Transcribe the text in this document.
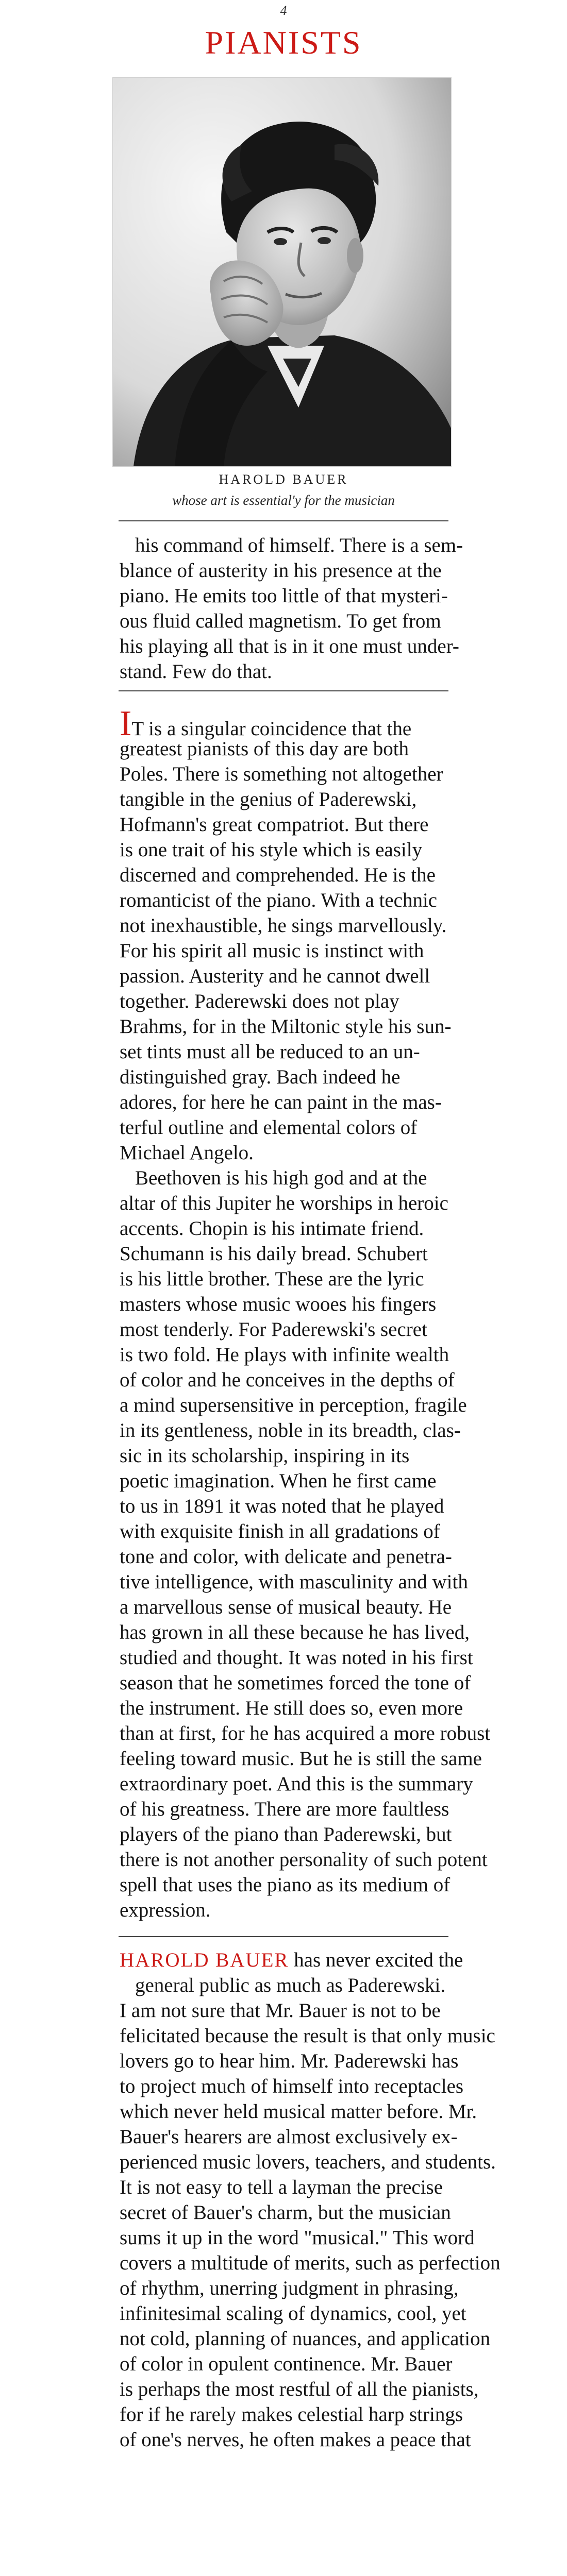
4
PIANISTS
HAROLD BAUER
whose art is essential'y for the musician
his command of himself. There is a sem-
blance of austerity in his presence at the
piano. He emits too little of that mysteri-
ous fluid called magnetism. To get from
his playing all that is in it one must under-
stand. Few do that.
IT is a singular coincidence that the
greatest pianists of this day are both
Poles. There is something not altogether
tangible in the genius of Paderewski,
Hofmann's great compatriot. But there
is one trait of his style which is easily
discerned and comprehended. He is the
romanticist of the piano. With a technic
not inexhaustible, he sings marvellously.
For his spirit all music is instinct with
passion. Austerity and he cannot dwell
together. Paderewski does not play
Brahms, for in the Miltonic style his sun-
set tints must all be reduced to an un-
distinguished gray. Bach indeed he
adores, for here he can paint in the mas-
terful outline and elemental colors of
Michael Angelo.
Beethoven is his high god and at the
altar of this Jupiter he worships in heroic
accents. Chopin is his intimate friend.
Schumann is his daily bread. Schubert
is his little brother. These are the lyric
masters whose music wooes his fingers
most tenderly. For Paderewski's secret
is two fold. He plays with infinite wealth
of color and he conceives in the depths of
a mind supersensitive in perception, fragile
in its gentleness, noble in its breadth, clas-
sic in its scholarship, inspiring in its
poetic imagination. When he first came
to us in 1891 it was noted that he played
with exquisite finish in all gradations of
tone and color, with delicate and penetra-
tive intelligence, with masculinity and with
a marvellous sense of musical beauty. He
has grown in all these because he has lived,
studied and thought. It was noted in his first
season that he sometimes forced the tone of
the instrument. He still does so, even more
than at first, for he has acquired a more robust
feeling toward music. But he is still the same
extraordinary poet. And this is the summary
of his greatness. There are more faultless
players of the piano than Paderewski, but
there is not another personality of such potent
spell that uses the piano as its medium of
expression.
HAROLD BAUER has never excited the
general public as much as Paderewski.
I am not sure that Mr. Bauer is not to be
felicitated because the result is that only music
lovers go to hear him. Mr. Paderewski has
to project much of himself into receptacles
which never held musical matter before. Mr.
Bauer's hearers are almost exclusively ex-
perienced music lovers, teachers, and students.
It is not easy to tell a layman the precise
secret of Bauer's charm, but the musician
sums it up in the word "musical." This word
covers a multitude of merits, such as perfection
of rhythm, unerring judgment in phrasing,
infinitesimal scaling of dynamics, cool, yet
not cold, planning of nuances, and application
of color in opulent continence. Mr. Bauer
is perhaps the most restful of all the pianists,
for if he rarely makes celestial harp strings
of one's nerves, he often makes a peace that
